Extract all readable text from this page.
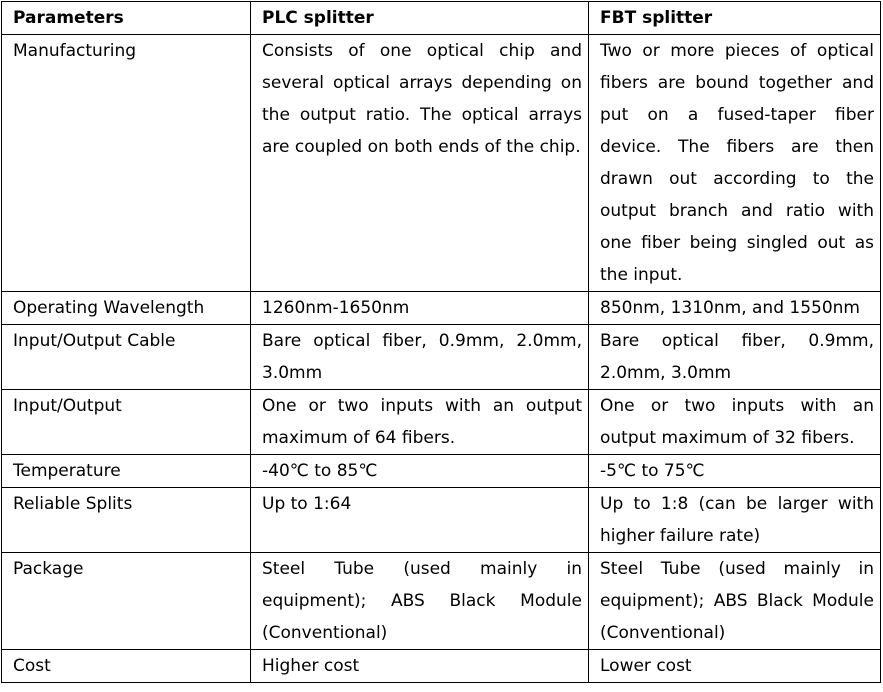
Parameters	PLC splitter	FBT splitter
Manufacturing	Consists of one optical chip and several optical arrays depending on the output ratio. The optical arrays are coupled on both ends of the chip.	Two or more pieces of optical fibers are bound together and put on a fused-taper fiber device. The fibers are then drawn out according to the output branch and ratio with one fiber being singled out as the input.
Operating Wavelength	1260nm-1650nm	850nm, 1310nm, and 1550nm
Input/Output Cable	Bare optical fiber, 0.9mm, 2.0mm, 3.0mm	Bare optical fiber, 0.9mm, 2.0mm, 3.0mm
Input/Output	One or two inputs with an output maximum of 64 fibers.	One or two inputs with an output maximum of 32 fibers.
Temperature	-40℃ to 85℃	-5℃ to 75℃
Reliable Splits	Up to 1:64	Up to 1:8 (can be larger with higher failure rate)
Package	Steel Tube (used mainly in equipment); ABS Black Module (Conventional)	Steel Tube (used mainly in equipment); ABS Black Module (Conventional)
Cost	Higher cost	Lower cost
